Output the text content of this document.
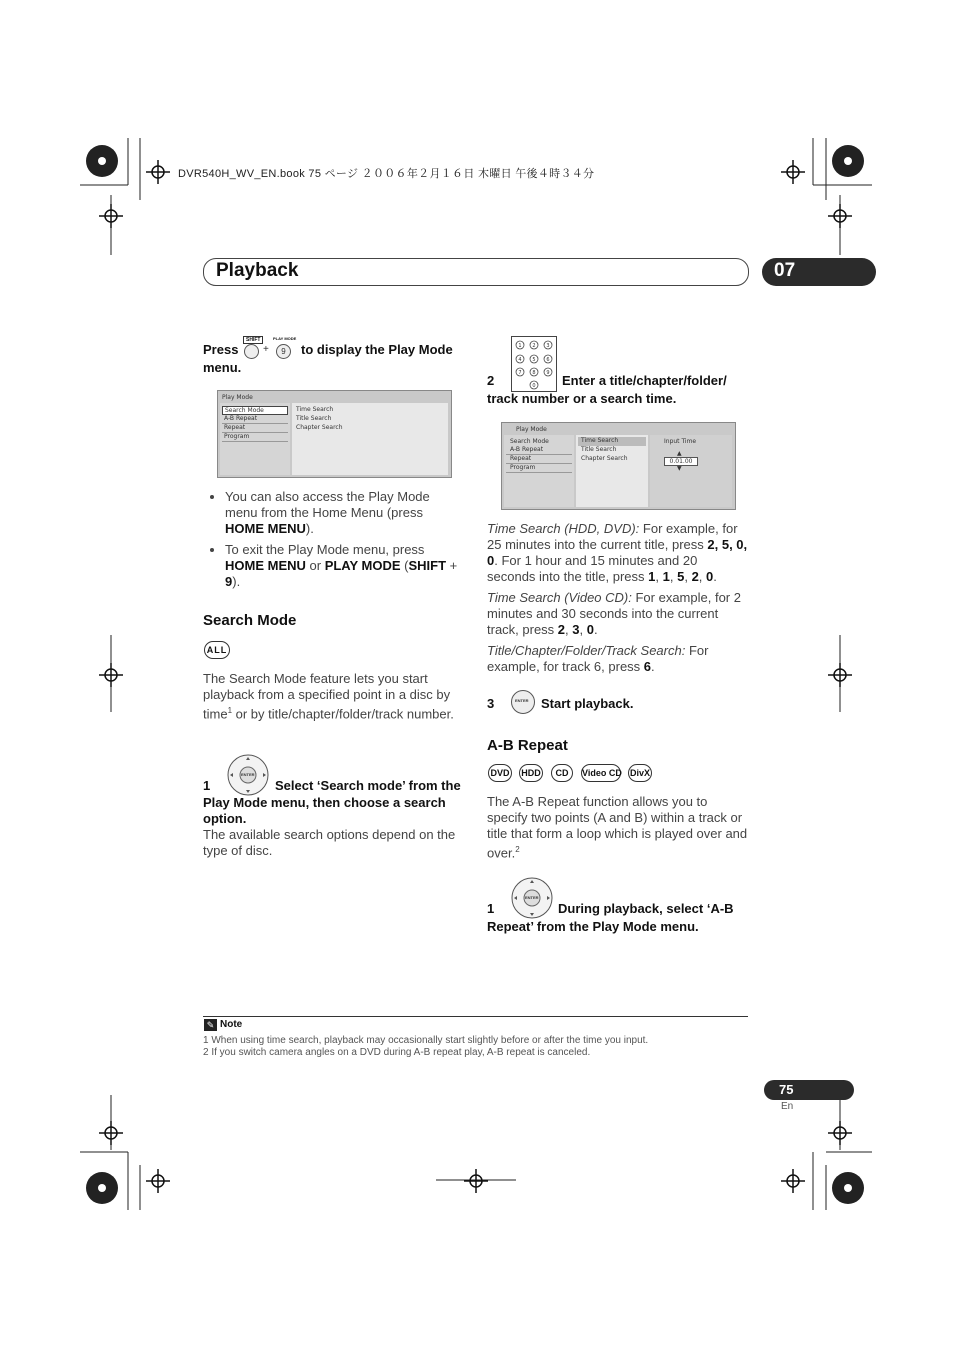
DVR540H_WV_EN.book 75 ページ ２００６年２月１６日 木曜日 午後４時３４分
Playback	07
Press
SHIFT
+
PLAY MODE
9	to display the Play Mode
menu.
Play Mode
Search Mode
A-B Repeat
Repeat
Program
Time Search
Title Search
Chapter Search
• You can also access the Play Mode menu from the Home Menu (press HOME MENU).
• To exit the Play Mode menu, press HOME MENU or PLAY MODE (SHIFT + 9).
Search Mode
ALL
The Search Mode feature lets you start playback from a specified point in a disc by time$^1$ or by title/chapter/folder/track number.
ENTER
1	Select ‘Search mode’ from the
Play Mode menu, then choose a search option.
The available search options depend on the type of disc.
1 2 3
4 5 6
7 8 9
0
2	Enter a title/chapter/folder/
track number or a search time.
Play Mode
Search Mode
A-B Repeat
Repeat
Program
Time Search
Title Search
Chapter Search
Input Time
▲
0.01.00
▼
Time Search (HDD, DVD): For example, for 25 minutes into the current title, press 2, 5, 0, 0. For 1 hour and 15 minutes and 20 seconds into the title, press 1, 1, 5, 2, 0.
Time Search (Video CD): For example, for 2 minutes and 30 seconds into the current track, press 2, 3, 0.
Title/Chapter/Folder/Track Search: For example, for track 6, press 6.
3	ENTER Start playback.
A-B Repeat
DVD HDD	CD	Video CD DivX
The A-B Repeat function allows you to specify two points (A and B) within a track or title that form a loop which is played over and over.$^2$
ENTER
1	During playback, select ‘A-B
Repeat’ from the Play Mode menu.
✎ Note
1 When using time search, playback may occasionally start slightly before or after the time you input.
2 If you switch camera angles on a DVD during A-B repeat play, A-B repeat is canceled.
75
En
